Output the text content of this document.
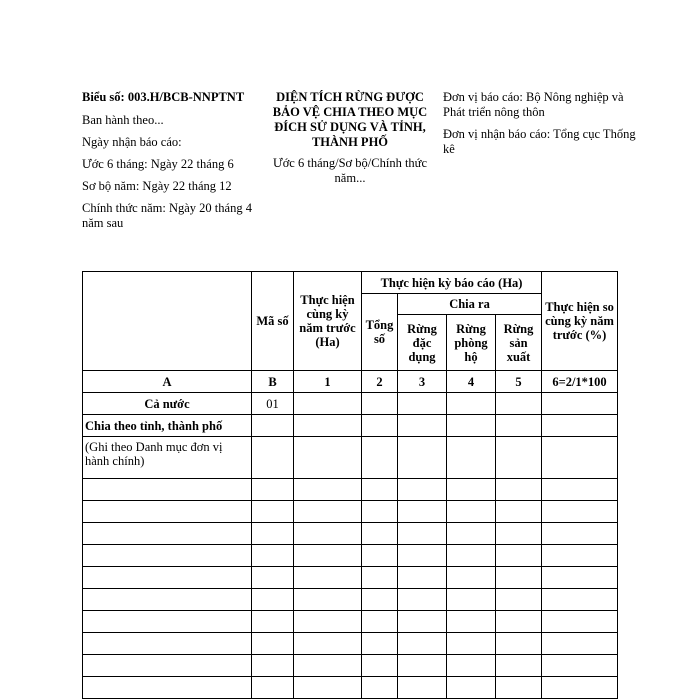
Biểu số: 003.H/BCB-NNPTNT

Ban hành theo...

Ngày nhận báo cáo:

Ước 6 tháng: Ngày 22 tháng 6

Sơ bộ năm: Ngày 22 tháng 12

Chính thức năm: Ngày 20 tháng 4 năm sau

DIỆN TÍCH RỪNG ĐƯỢC BẢO VỆ CHIA THEO MỤC ĐÍCH SỬ DỤNG VÀ TỈNH, THÀNH PHỐ

Ước 6 tháng/Sơ bộ/Chính thức năm...

Đơn vị báo cáo: Bộ Nông nghiệp và Phát triển nông thôn

Đơn vị nhận báo cáo: Tổng cục Thống kê

	Mã số	Thực hiện cùng kỳ năm trước (Ha)	Thực hiện kỳ báo cáo (Ha)				Thực hiện so cùng kỳ năm trước (%)
			Tổng số	Chia ra			
				Rừng đặc dụng	Rừng phòng hộ	Rừng sản xuất	
A	B	1	2	3	4	5	6=2/1*100
Cả nước	01						
Chia theo tỉnh, thành phố							
(Ghi theo Danh mục đơn vị hành chính)							
